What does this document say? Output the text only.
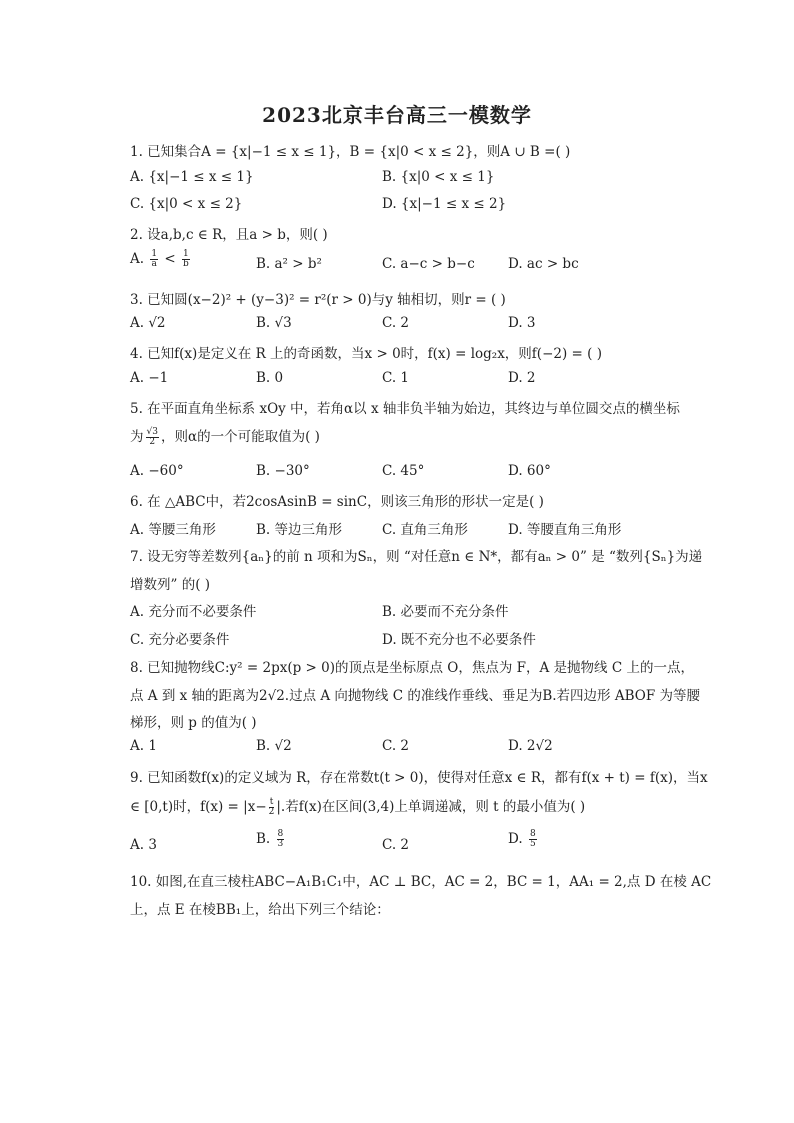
2023北京丰台高三一模数学
1. 已知集合A = {x|−1 ≤ x ≤ 1}，B = {x|0 < x ≤ 2}，则A ∪ B =( )
A. {x|−1 ≤ x ≤ 1}	B. {x|0 < x ≤ 1}
C. {x|0 < x ≤ 2}	D. {x|−1 ≤ x ≤ 2}
2. 设a,b,c ∈ R，且a > b，则( )
A. $\frac{1}{a} < \frac{1}{b}$	B. a² > b²	C. a−c > b−c D. ac > bc
3. 已知圆(x−2)² + (y−3)² = r²(r > 0)与y 轴相切，则r = ( )
A. √2	B. √3	C. 2	D. 3
4. 已知f(x)是定义在 R 上的奇函数，当x > 0时，f(x) = log₂x，则f(−2) = ( )
A. −1	B. 0	C. 1	D. 2
5. 在平面直角坐标系 xOy 中，若角α以 x 轴非负半轴为始边，其终边与单位圆交点的横坐标
为 $\frac{√3}{2}$ ，则α的一个可能取值为( )
A. −60°	B. −30°	C. 45°	D. 60°
6. 在 △ABC中，若2cosAsinB = sinC，则该三角形的形状一定是( )
A. 等腰三角形	B. 等边三角形	C. 直角三角形	D. 等腰直角三角形
7. 设无穷等差数列{aₙ}的前 n 项和为Sₙ，则 “对任意n ∈ N*，都有aₙ > 0” 是 “数列{Sₙ}为递
增数列” 的( )
A. 充分而不必要条件	B. 必要而不充分条件
C. 充分必要条件	D. 既不充分也不必要条件
8. 已知抛物线C:y² = 2px(p > 0)的顶点是坐标原点 O，焦点为 F，A 是抛物线 C 上的一点，
点 A 到 x 轴的距离为2√2.过点 A 向抛物线 C 的准线作垂线、垂足为B.若四边形 ABOF 为等腰
梯形，则 p 的值为( )
A. 1	B. √2	C. 2	D. 2√2
9. 已知函数f(x)的定义域为 R，存在常数t(t > 0)，使得对任意x ∈ R，都有f(x + t) = f(x)，当x
∈ [0,t)时，$f(x) = |x- \frac{t}{2}$ |.若f(x)在区间(3,4)上单调递减，则 t 的最小值为( )
A. 3	B. $\frac{8}{3}$	C. 2	D. $\frac{8}{5}$
10. 如图,在直三棱柱ABC−A₁B₁C₁中，AC ⊥ BC，AC = 2，BC = 1，AA₁ = 2,点 D 在棱 AC
上，点 E 在棱BB₁上，给出下列三个结论：
